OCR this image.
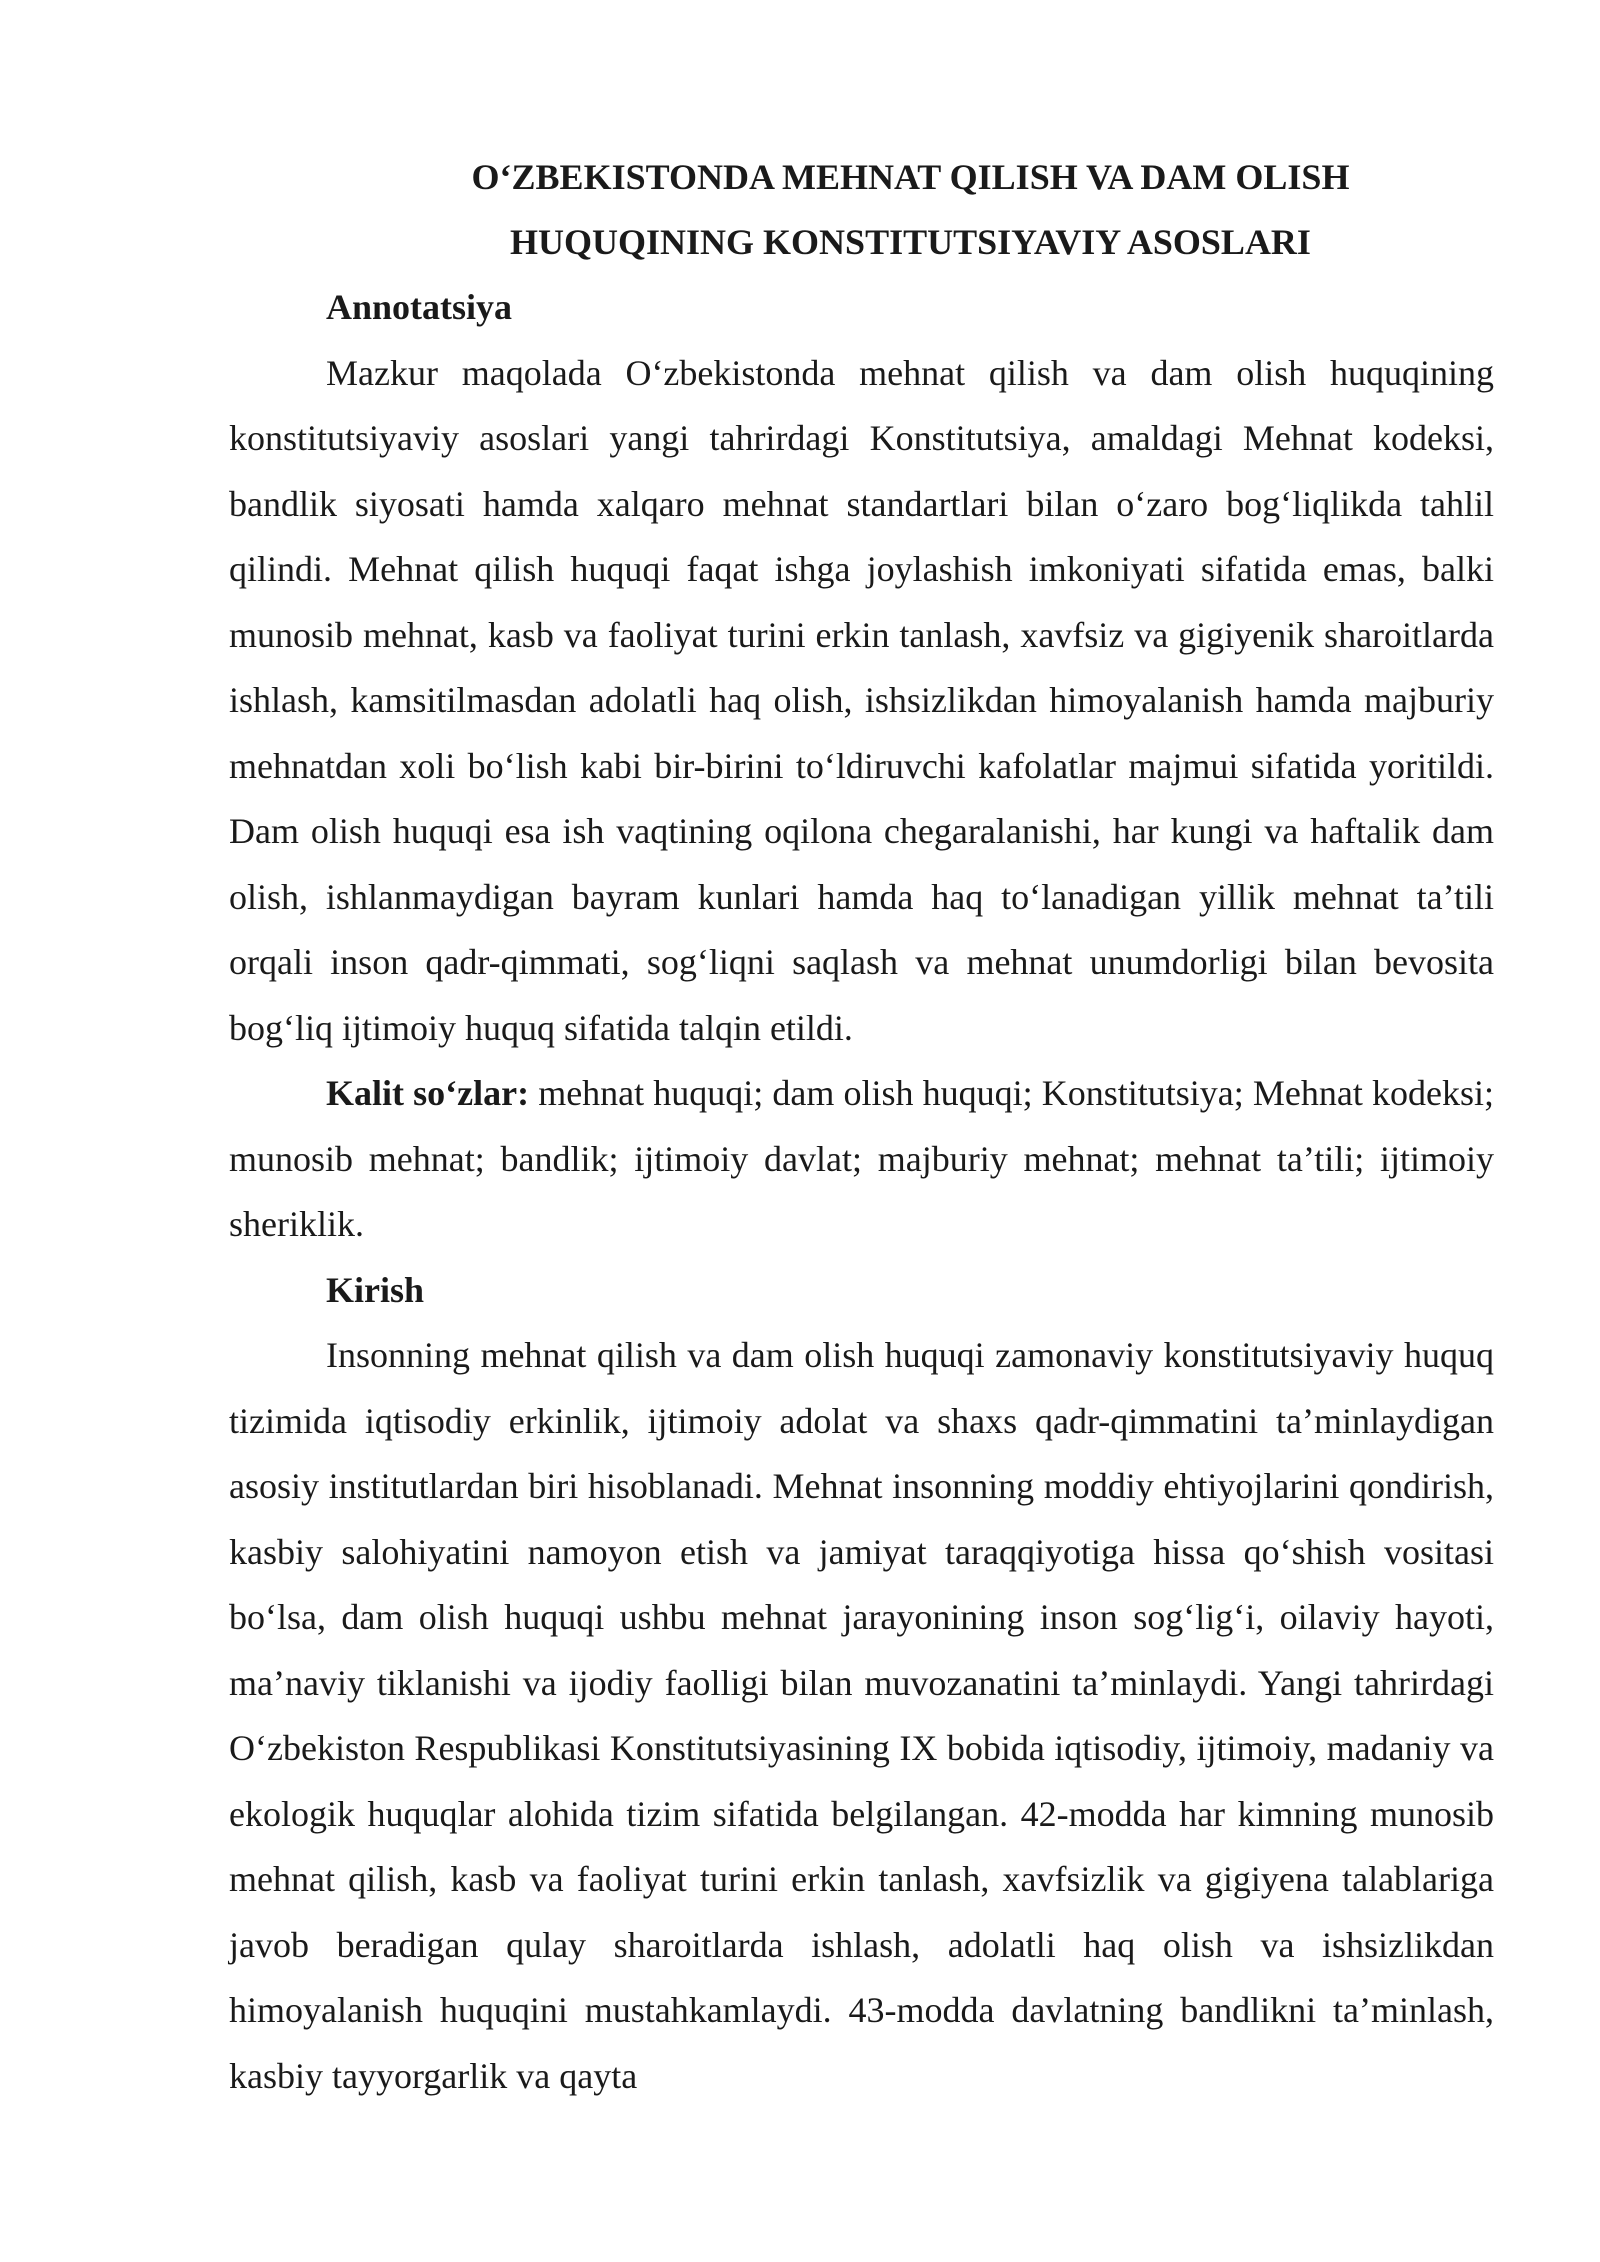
O‘ZBEKISTONDA MEHNAT QILISH VA DAM OLISH
HUQUQINING KONSTITUTSIYAVIY ASOSLARI

Annotatsiya

Mazkur maqolada O‘zbekistonda mehnat qilish va dam olish huquqining konstitutsiyaviy asoslari yangi tahrirdagi Konstitutsiya, amaldagi Mehnat kodeksi, bandlik siyosati hamda xalqaro mehnat standartlari bilan o‘zaro bog‘liqlikda tahlil qilindi. Mehnat qilish huquqi faqat ishga joylashish imkoniyati sifatida emas, balki munosib mehnat, kasb va faoliyat turini erkin tanlash, xavfsiz va gigiyenik sharoitlarda ishlash, kamsitilmasdan adolatli haq olish, ishsizlikdan himoyalanish hamda majburiy mehnatdan xoli bo‘lish kabi bir-birini to‘ldiruvchi kafolatlar majmui sifatida yoritildi. Dam olish huquqi esa ish vaqtining oqilona chegaralanishi, har kungi va haftalik dam olish, ishlanmaydigan bayram kunlari hamda haq to‘lanadigan yillik mehnat ta’tili orqali inson qadr-qimmati, sog‘liqni saqlash va mehnat unumdorligi bilan bevosita bog‘liq ijtimoiy huquq sifatida talqin etildi.

Kalit so‘zlar: mehnat huquqi; dam olish huquqi; Konstitutsiya; Mehnat kodeksi; munosib mehnat; bandlik; ijtimoiy davlat; majburiy mehnat; mehnat ta’tili; ijtimoiy sheriklik.

Kirish

Insonning mehnat qilish va dam olish huquqi zamonaviy konstitutsiyaviy huquq tizimida iqtisodiy erkinlik, ijtimoiy adolat va shaxs qadr-qimmatini ta’minlaydigan asosiy institutlardan biri hisoblanadi. Mehnat insonning moddiy ehtiyojlarini qondirish, kasbiy salohiyatini namoyon etish va jamiyat taraqqiyotiga hissa qo‘shish vositasi bo‘lsa, dam olish huquqi ushbu mehnat jarayonining inson sog‘lig‘i, oilaviy hayoti, ma’naviy tiklanishi va ijodiy faolligi bilan muvozanatini ta’minlaydi. Yangi tahrirdagi O‘zbekiston Respublikasi Konstitutsiyasining IX bobida iqtisodiy, ijtimoiy, madaniy va ekologik huquqlar alohida tizim sifatida belgilangan. 42-modda har kimning munosib mehnat qilish, kasb va faoliyat turini erkin tanlash, xavfsizlik va gigiyena talablariga javob beradigan qulay sharoitlarda ishlash, adolatli haq olish va ishsizlikdan himoyalanish huquqini mustahkamlaydi. 43-modda davlatning bandlikni ta’minlash, kasbiy tayyorgarlik va qayta
